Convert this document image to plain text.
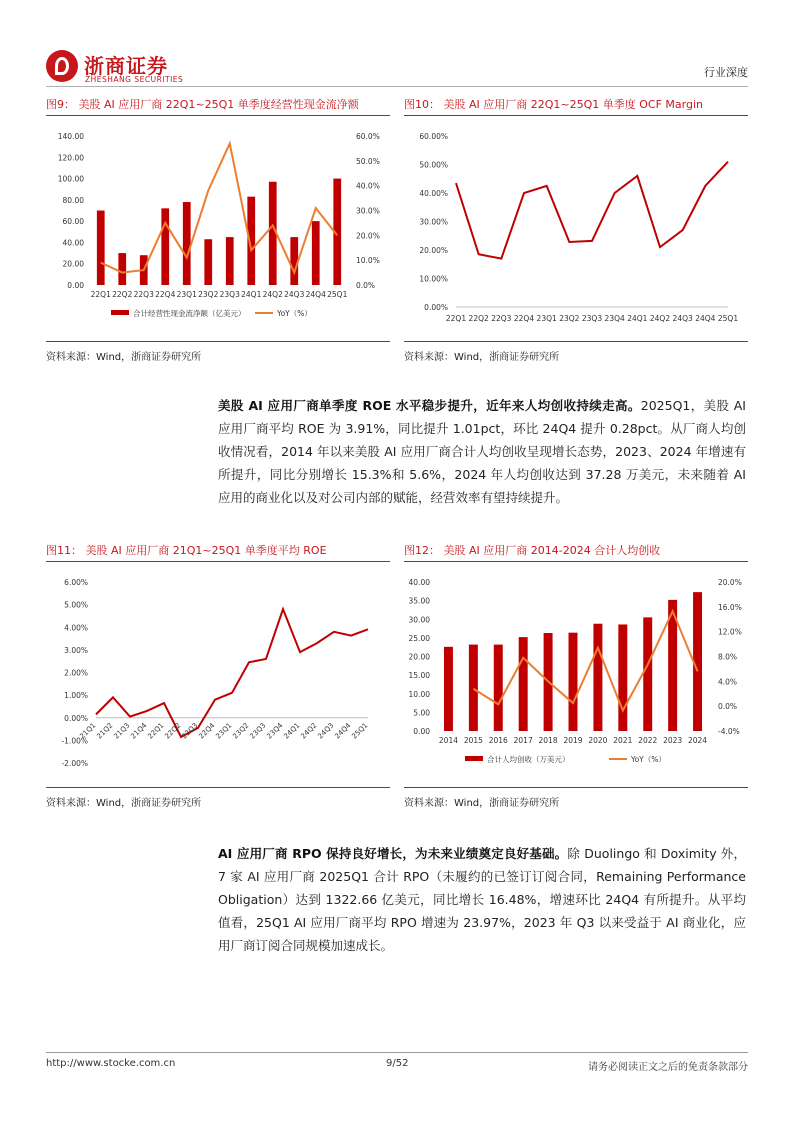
浙商证券
ZHESHANG SECURITIES
行业深度
图9： 美股 AI 应用厂商 22Q1~25Q1 单季度经营性现金流净额
0.00
20.00
40.00
60.00
80.00
100.00
120.00
140.00
0.0%
10.0%
20.0%
30.0%
40.0%
50.0%
60.0%
22Q1 22Q2 22Q3 22Q4 23Q1 23Q2 23Q3 24Q1 24Q2 24Q3 24Q4 25Q1
合计经营性现金流净额（亿美元）	YoY（%）
资料来源：Wind，浙商证券研究所
图10： 美股 AI 应用厂商 22Q1~25Q1 单季度 OCF Margin
0.00%
10.00%
20.00%
30.00%
40.00%
50.00%
60.00%
22Q1 22Q2 22Q3 22Q4 23Q1 23Q2 23Q3 23Q4 24Q1 24Q2 24Q3 24Q4 25Q1
资料来源：Wind，浙商证券研究所
美股 AI 应用厂商单季度 ROE 水平稳步提升，近年来人均创收持续走高。2025Q1，美股 AI 应用厂商平均 ROE 为 3.91%，同比提升 1.01pct，环比 24Q4 提升 0.28pct。从厂商人均创收情况看，2014 年以来美股 AI 应用厂商合计人均创收呈现增长态势，2023、2024 年增速有所提升，同比分别增长 15.3%和 5.6%，2024 年人均创收达到 37.28 万美元，未来随着 AI 应用的商业化以及对公司内部的赋能，经营效率有望持续提升。
图11： 美股 AI 应用厂商 21Q1~25Q1 单季度平均 ROE
-2.00%
-1.00%
0.00%
1.00%
2.00%
3.00%
4.00%
5.00%
6.00%
21Q1
21Q2
21Q3
21Q4
22Q1
22Q2
22Q3
22Q4
23Q1
23Q2
23Q3
23Q4
24Q1
24Q2
24Q3
24Q4
25Q1
资料来源：Wind，浙商证券研究所
图12： 美股 AI 应用厂商 2014-2024 合计人均创收
0.00
5.00
10.00
15.00
20.00
25.00
30.00
35.00
40.00
-4.0%
0.0%
4.0%
8.0%
12.0%
16.0%
20.0%
2014 2015 2016 2017 2018 2019 2020 2021 2022 2023 2024
合计人均创收（万美元）	YoY（%）
资料来源：Wind，浙商证券研究所
AI 应用厂商 RPO 保持良好增长，为未来业绩奠定良好基础。除 Duolingo 和 Doximity 外， 7 家 AI 应用厂商 2025Q1 合计 RPO（未履约的已签订订阅合同，Remaining Performance Obligation）达到 1322.66 亿美元，同比增长 16.48%，增速环比 24Q4 有所提升。从平均值看，25Q1 AI 应用厂商平均 RPO 增速为 23.97%，2023 年 Q3 以来受益于 AI 商业化，应用厂商订阅合同规模加速成长。
http://www.stocke.com.cn	9/52	请务必阅读正文之后的免责条款部分
